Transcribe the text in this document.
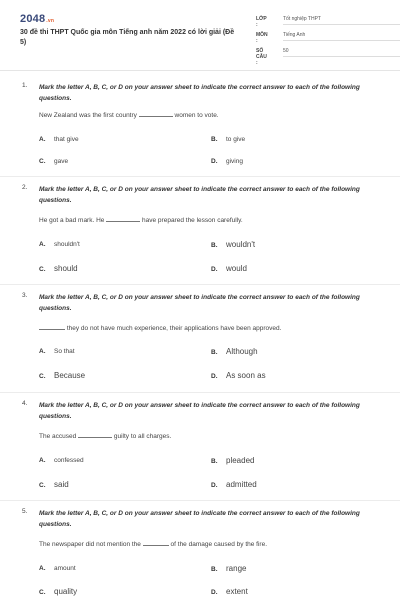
2048.vn
30 đề thi THPT Quốc gia môn Tiếng anh năm 2022 có lời giải (Đề 5)
LỚP :
Tốt nghiệp THPT
MÔN :
Tiếng Anh
SỐ CÂU :
50
1. Mark the letter A, B, C, or D on your answer sheet to indicate the correct answer to each of the following questions.
New Zealand was the first country	women to vote.
A. that give	B. to give
C. gave	D. giving
2. Mark the letter A, B, C, or D on your answer sheet to indicate the correct answer to each of the following questions.
He got a bad mark. He	have prepared the lesson carefully.
A. shouldn't	B. wouldn't
C. should	D. would
3. Mark the letter A, B, C, or D on your answer sheet to indicate the correct answer to each of the following questions.
they do not have much experience, their applications have been approved.
A. So that	B. Although
C. Because	D. As soon as
4. Mark the letter A, B, C, or D on your answer sheet to indicate the correct answer to each of the following questions.
The accused	guilty to all charges.
A. confessed	B. pleaded
C. said	D. admitted
5. Mark the letter A, B, C, or D on your answer sheet to indicate the correct answer to each of the following questions.
The newspaper did not mention the	of the damage caused by the fire.
A. amount	B. range
C. quality	D. extent
